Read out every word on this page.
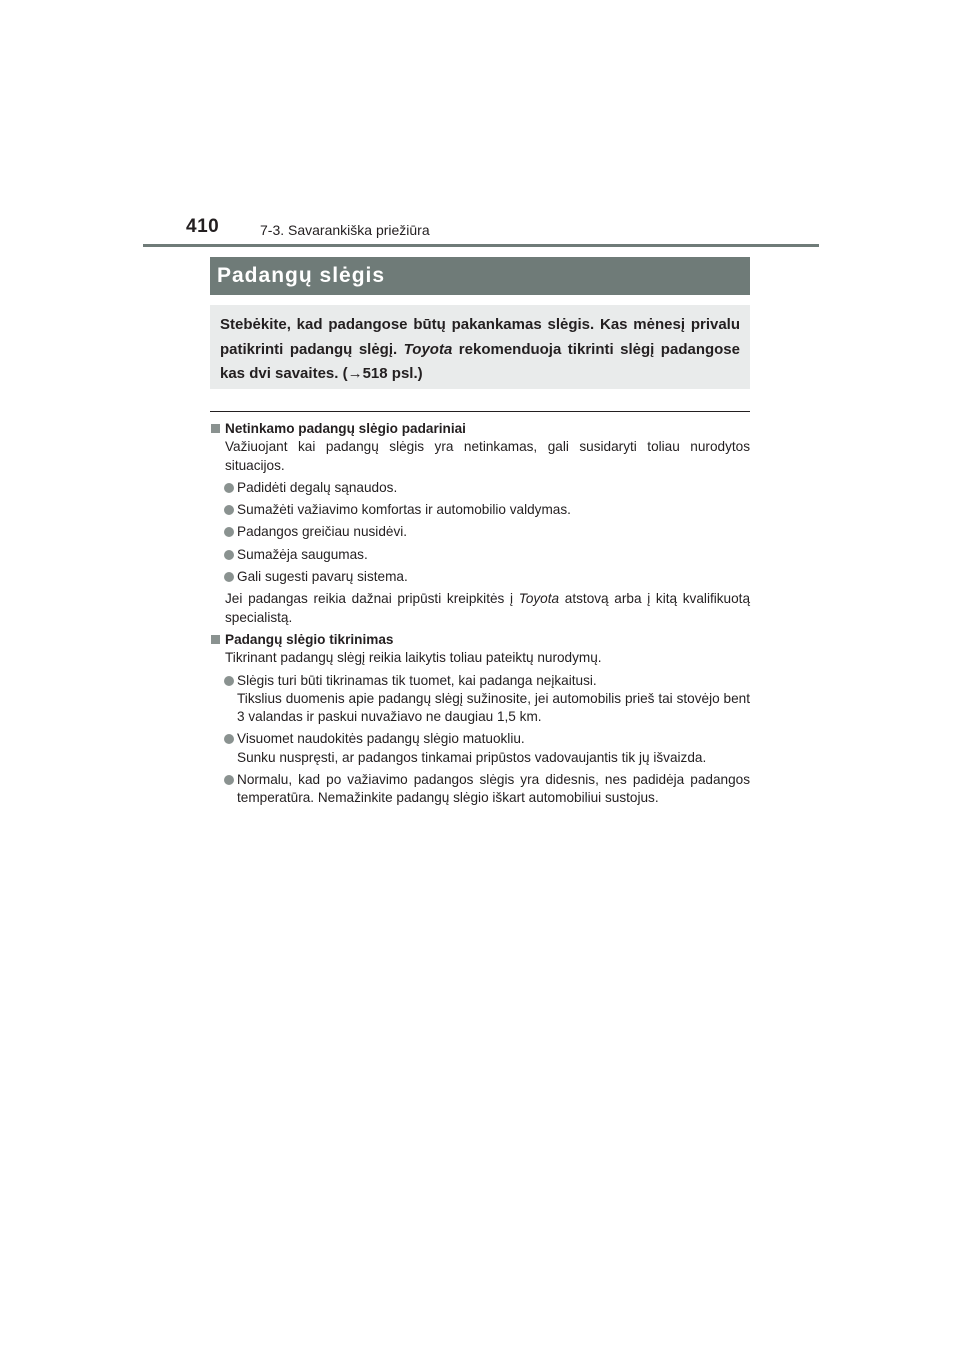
410	7-3. Savarankiška priežiūra
Padangų slėgis
Stebėkite, kad padangose būtų pakankamas slėgis. Kas mėnesį privalu patikrinti padangų slėgį. Toyota rekomenduoja tikrinti slėgį padangose kas dvi savaites. (→518 psl.)
Netinkamo padangų slėgio padariniai
Važiuojant kai padangų slėgis yra netinkamas, gali susidaryti toliau nurodytos situacijos.
Padidėti degalų sąnaudos.
Sumažėti važiavimo komfortas ir automobilio valdymas.
Padangos greičiau nusidėvi.
Sumažėja saugumas.
Gali sugesti pavarų sistema.
Jei padangas reikia dažnai pripūsti kreipkitės į Toyota atstovą arba į kitą kvalifikuotą specialistą.
Padangų slėgio tikrinimas
Tikrinant padangų slėgį reikia laikytis toliau pateiktų nurodymų.
Slėgis turi būti tikrinamas tik tuomet, kai padanga neįkaitusi.
Tikslius duomenis apie padangų slėgį sužinosite, jei automobilis prieš tai stovėjo bent 3 valandas ir paskui nuvažiavo ne daugiau 1,5 km.
Visuomet naudokitės padangų slėgio matuokliu.
Sunku nuspręsti, ar padangos tinkamai pripūstos vadovaujantis tik jų išvaizda.
Normalu, kad po važiavimo padangos slėgis yra didesnis, nes padidėja padangos temperatūra. Nemažinkite padangų slėgio iškart automobiliui sustojus.
